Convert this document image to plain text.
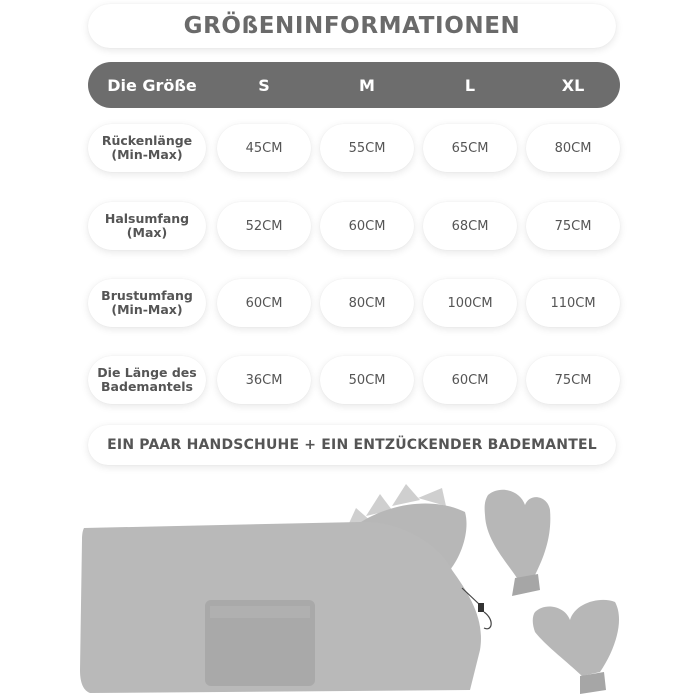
GRÖßENINFORMATIONEN
Die Größe	S	M	L	XL
Rückenlänge
(Min-Max)	45CM	55CM	65CM	80CM
Halsumfang
(Max)	52CM	60CM	68CM	75CM
Brustumfang
(Min-Max)	60CM	80CM	100CM	110CM
Die Länge des
Bademantels	36CM	50CM	60CM	75CM
EIN PAAR HANDSCHUHE + EIN ENTZÜCKENDER BADEMANTEL
